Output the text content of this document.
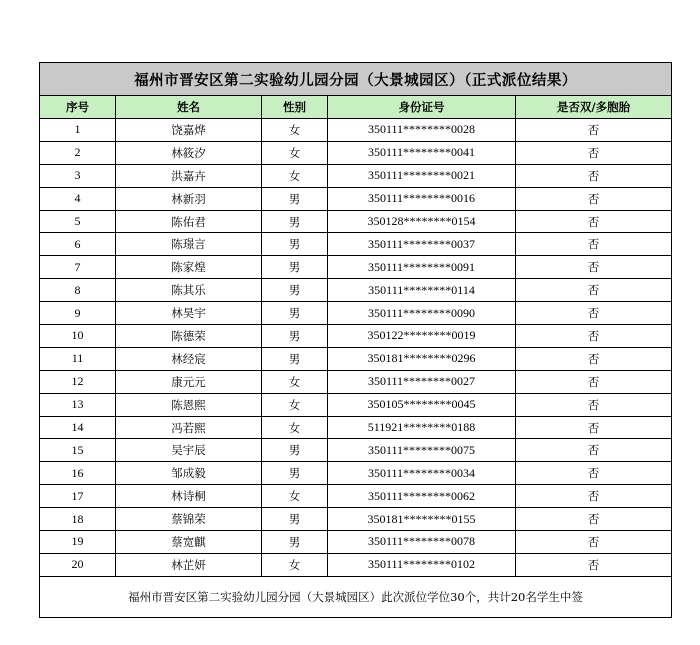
福州市晋安区第二实验幼儿园分园（大景城园区）（正式派位结果）				
序号	姓名	性别	身份证号	是否双/多胞胎
1	饶嘉烨	女	350111********0028	否
2	林筱汐	女	350111********0041	否
3	洪嘉卉	女	350111********0021	否
4	林新羽	男	350111********0016	否
5	陈佑君	男	350128********0154	否
6	陈璟言	男	350111********0037	否
7	陈家煌	男	350111********0091	否
8	陈其乐	男	350111********0114	否
9	林昊宇	男	350111********0090	否
10	陈德荣	男	350122********0019	否
11	林经宸	男	350181********0296	否
12	康元元	女	350111********0027	否
13	陈恩熙	女	350105********0045	否
14	冯若熙	女	511921********0188	否
15	吴宇辰	男	350111********0075	否
16	邹成毅	男	350111********0034	否
17	林诗桐	女	350111********0062	否
18	蔡锦荣	男	350181********0155	否
19	蔡宽麒	男	350111********0078	否
20	林芷妍	女	350111********0102	否
福州市晋安区第二实验幼儿园分园（大景城园区）此次派位学位30个，共计20名学生中签				
